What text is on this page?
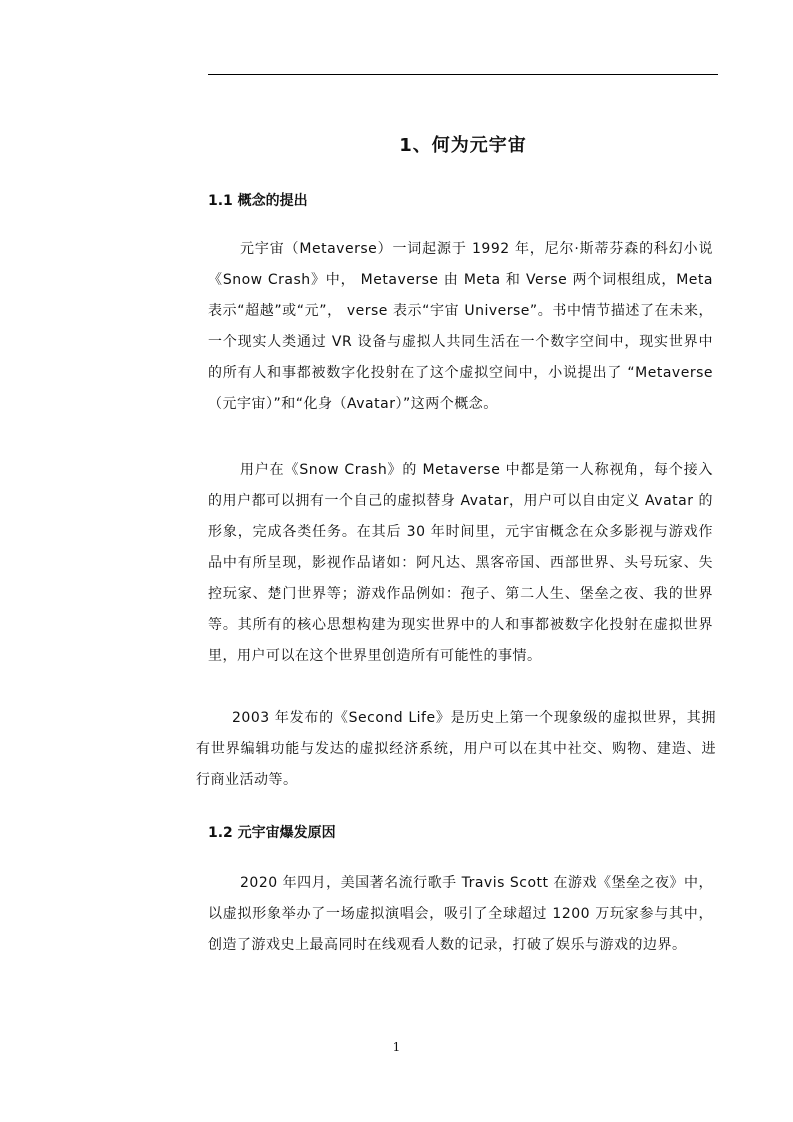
1、何为元宇宙
1.1 概念的提出

元宇宙（Metaverse）一词起源于 1992 年，尼尔·斯蒂芬森的科幻小说《Snow Crash》中， Metaverse 由 Meta 和 Verse 两个词根组成，Meta 表示“超越”或“元”， verse 表示“宇宙 Universe”。书中情节描述了在未来，一个现实人类通过 VR 设备与虚拟人共同生活在一个数字空间中，现实世界中的所有人和事都被数字化投射在了这个虚拟空间中，小说提出了 “Metaverse（元宇宙）”和“化身（Avatar）”这两个概念。

用户在《Snow Crash》的 Metaverse 中都是第一人称视角，每个接入的用户都可以拥有一个自己的虚拟替身 Avatar，用户可以自由定义 Avatar 的形象，完成各类任务。在其后 30 年时间里，元宇宙概念在众多影视与游戏作品中有所呈现，影视作品诸如：阿凡达、黑客帝国、西部世界、头号玩家、失控玩家、楚门世界等；游戏作品例如：孢子、第二人生、堡垒之夜、我的世界等。其所有的核心思想构建为现实世界中的人和事都被数字化投射在虚拟世界里，用户可以在这个世界里创造所有可能性的事情。

2003 年发布的《Second Life》是历史上第一个现象级的虚拟世界，其拥有世界编辑功能与发达的虚拟经济系统，用户可以在其中社交、购物、建造、进行商业活动等。

1.2 元宇宙爆发原因

2020 年四月，美国著名流行歌手 Travis Scott 在游戏《堡垒之夜》中，以虚拟形象举办了一场虚拟演唱会，吸引了全球超过 1200 万玩家参与其中，创造了游戏史上最高同时在线观看人数的记录，打破了娱乐与游戏的边界。

1
